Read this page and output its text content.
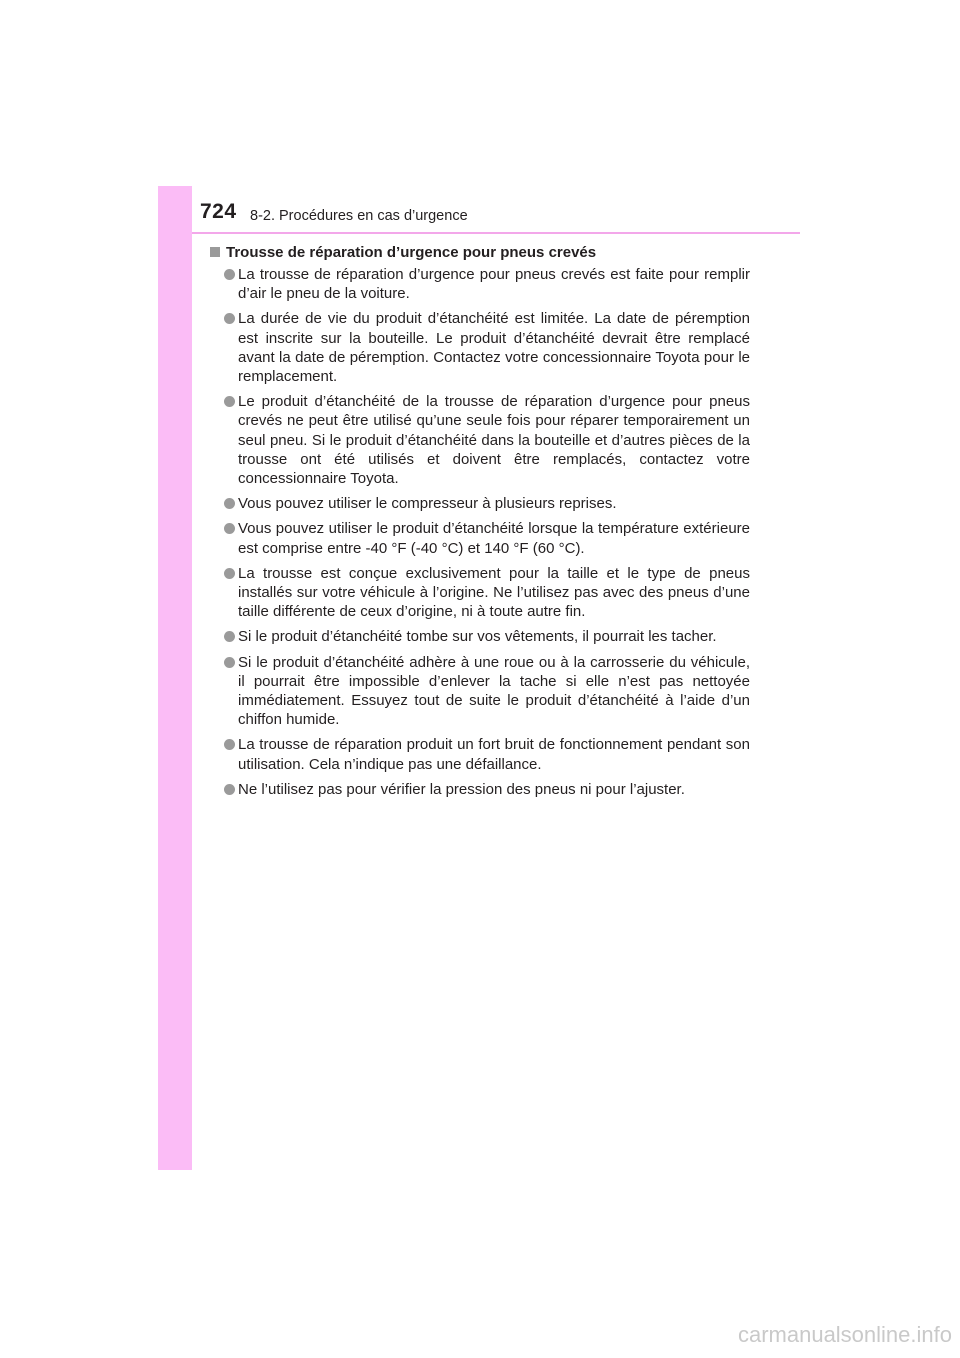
724 8-2. Procédures en cas d’urgence
Trousse de réparation d’urgence pour pneus crevés
La trousse de réparation d’urgence pour pneus crevés est faite pour remplir d’air le pneu de la voiture.
La durée de vie du produit d’étanchéité est limitée. La date de péremption est inscrite sur la bouteille. Le produit d’étanchéité devrait être remplacé avant la date de péremption. Contactez votre concessionnaire Toyota pour le remplacement.
Le produit d’étanchéité de la trousse de réparation d’urgence pour pneus crevés ne peut être utilisé qu’une seule fois pour réparer temporairement un seul pneu. Si le produit d’étanchéité dans la bouteille et d’autres pièces de la trousse ont été utilisés et doivent être remplacés, contactez votre concessionnaire Toyota.
Vous pouvez utiliser le compresseur à plusieurs reprises.
Vous pouvez utiliser le produit d’étanchéité lorsque la température extérieure est comprise entre -40 °F (-40 °C) et 140 °F (60 °C).
La trousse est conçue exclusivement pour la taille et le type de pneus installés sur votre véhicule à l’origine. Ne l’utilisez pas avec des pneus d’une taille différente de ceux d’origine, ni à toute autre fin.
Si le produit d’étanchéité tombe sur vos vêtements, il pourrait les tacher.
Si le produit d’étanchéité adhère à une roue ou à la carrosserie du véhicule, il pourrait être impossible d’enlever la tache si elle n’est pas nettoyée immédiatement. Essuyez tout de suite le produit d’étanchéité à l’aide d’un chiffon humide.
La trousse de réparation produit un fort bruit de fonctionnement pendant son utilisation. Cela n’indique pas une défaillance.
Ne l’utilisez pas pour vérifier la pression des pneus ni pour l’ajuster.
carmanualsonline.info
